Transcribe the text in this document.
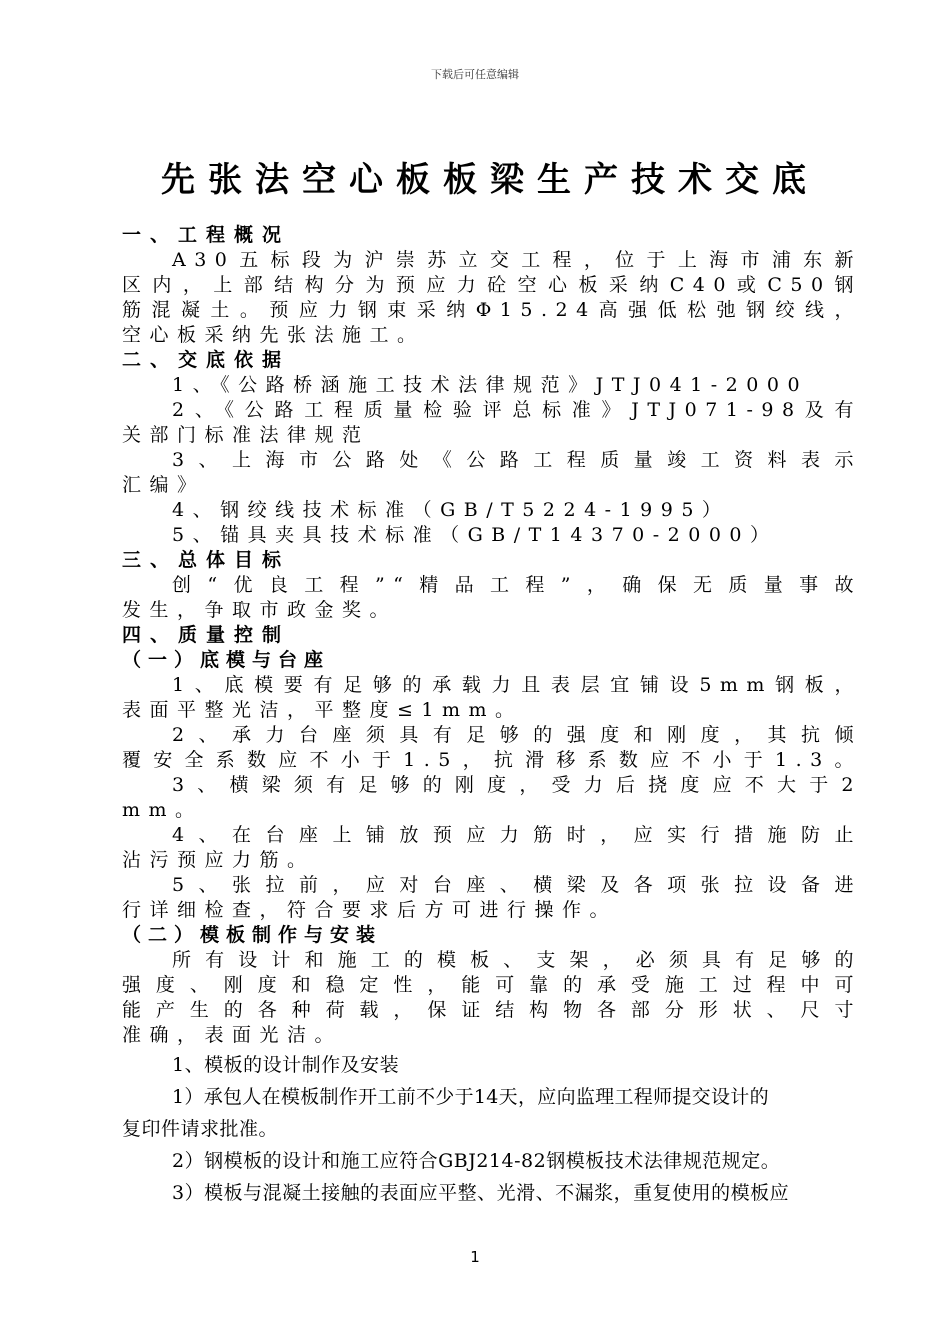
下载后可任意编辑
先张法空心板板梁生产技术交底
一、工程概况
A30五标段为沪崇苏立交工程，位于上海市浦东新
区内，上部结构分为预应力砼空心板采纳C40或C50钢
筋混凝土。预应力钢束采纳Φ15.24高强低松弛钢绞线，
空心板采纳先张法施工。
二、交底依据
1、《公路桥涵施工技术法律规范》JTJ041-2000
2、《公路工程质量检验评总标准》JTJ071-98及有
关部门标准法律规范
3、上海市公路处《公路工程质量竣工资料表示
汇编》
4、钢绞线技术标准（GB/T5224-1995）
5、锚具夹具技术标准（GB/T14370-2000）
三、总体目标
创“优良工程”“精品工程”，确保无质量事故
发生，争取市政金奖。
四、质量控制
（一）底模与台座
1、底模要有足够的承载力且表层宜铺设5mm钢板，
表面平整光洁，平整度≤1mm。
2、承力台座须具有足够的强度和刚度，其抗倾
覆安全系数应不小于1.5，抗滑移系数应不小于1.3。
3、横梁须有足够的刚度，受力后挠度应不大于2
mm。
4、在台座上铺放预应力筋时，应实行措施防止
沾污预应力筋。
5、张拉前，应对台座、横梁及各项张拉设备进
行详细检查，符合要求后方可进行操作。
（二）模板制作与安装
所有设计和施工的模板、支架，必须具有足够的
强度、刚度和稳定性，能可靠的承受施工过程中可
能产生的各种荷载，保证结构物各部分形状、尺寸
准确，表面光洁。
1、模板的设计制作及安装
1）承包人在模板制作开工前不少于14天，应向监理工程师提交设计的
复印件请求批准。
2）钢模板的设计和施工应符合GBJ214-82钢模板技术法律规范规定。
3）模板与混凝土接触的表面应平整、光滑、不漏浆，重复使用的模板应
1
